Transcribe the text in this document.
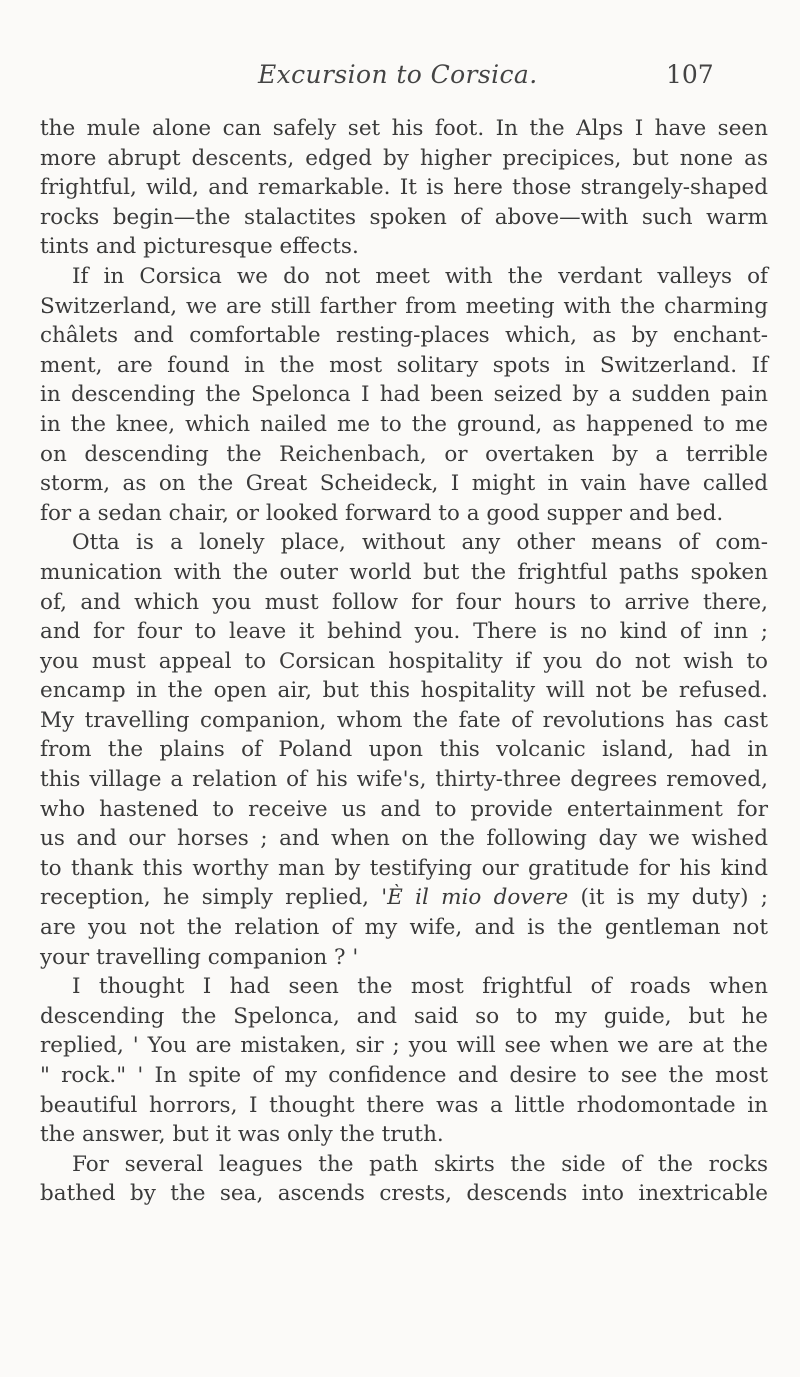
Excursion to Corsica.	107
the mule alone can safely set his foot. In the Alps I have seen
more abrupt descents, edged by higher precipices, but none as
frightful, wild, and remarkable. It is here those strangely-shaped
rocks begin—the stalactites spoken of above—with such warm
tints and picturesque effects.
If in Corsica we do not meet with the verdant valleys of
Switzerland, we are still farther from meeting with the charming
châlets and comfortable resting-places which, as by enchant-
ment, are found in the most solitary spots in Switzerland. If
in descending the Spelonca I had been seized by a sudden pain
in the knee, which nailed me to the ground, as happened to me
on descending the Reichenbach, or overtaken by a terrible
storm, as on the Great Scheideck, I might in vain have called
for a sedan chair, or looked forward to a good supper and bed.
Otta is a lonely place, without any other means of com-
munication with the outer world but the frightful paths spoken
of, and which you must follow for four hours to arrive there,
and for four to leave it behind you. There is no kind of inn ;
you must appeal to Corsican hospitality if you do not wish to
encamp in the open air, but this hospitality will not be refused.
My travelling companion, whom the fate of revolutions has cast
from the plains of Poland upon this volcanic island, had in
this village a relation of his wife's, thirty-three degrees removed,
who hastened to receive us and to provide entertainment for
us and our horses ; and when on the following day we wished
to thank this worthy man by testifying our gratitude for his kind
reception, he simply replied, 'È il mio dovere (it is my duty) ;
are you not the relation of my wife, and is the gentleman not
your travelling companion ? '
I thought I had seen the most frightful of roads when
descending the Spelonca, and said so to my guide, but he
replied, ' You are mistaken, sir ; you will see when we are at the
" rock." ' In spite of my confidence and desire to see the most
beautiful horrors, I thought there was a little rhodomontade in
the answer, but it was only the truth.
For several leagues the path skirts the side of the rocks
bathed by the sea, ascends crests, descends into inextricable
